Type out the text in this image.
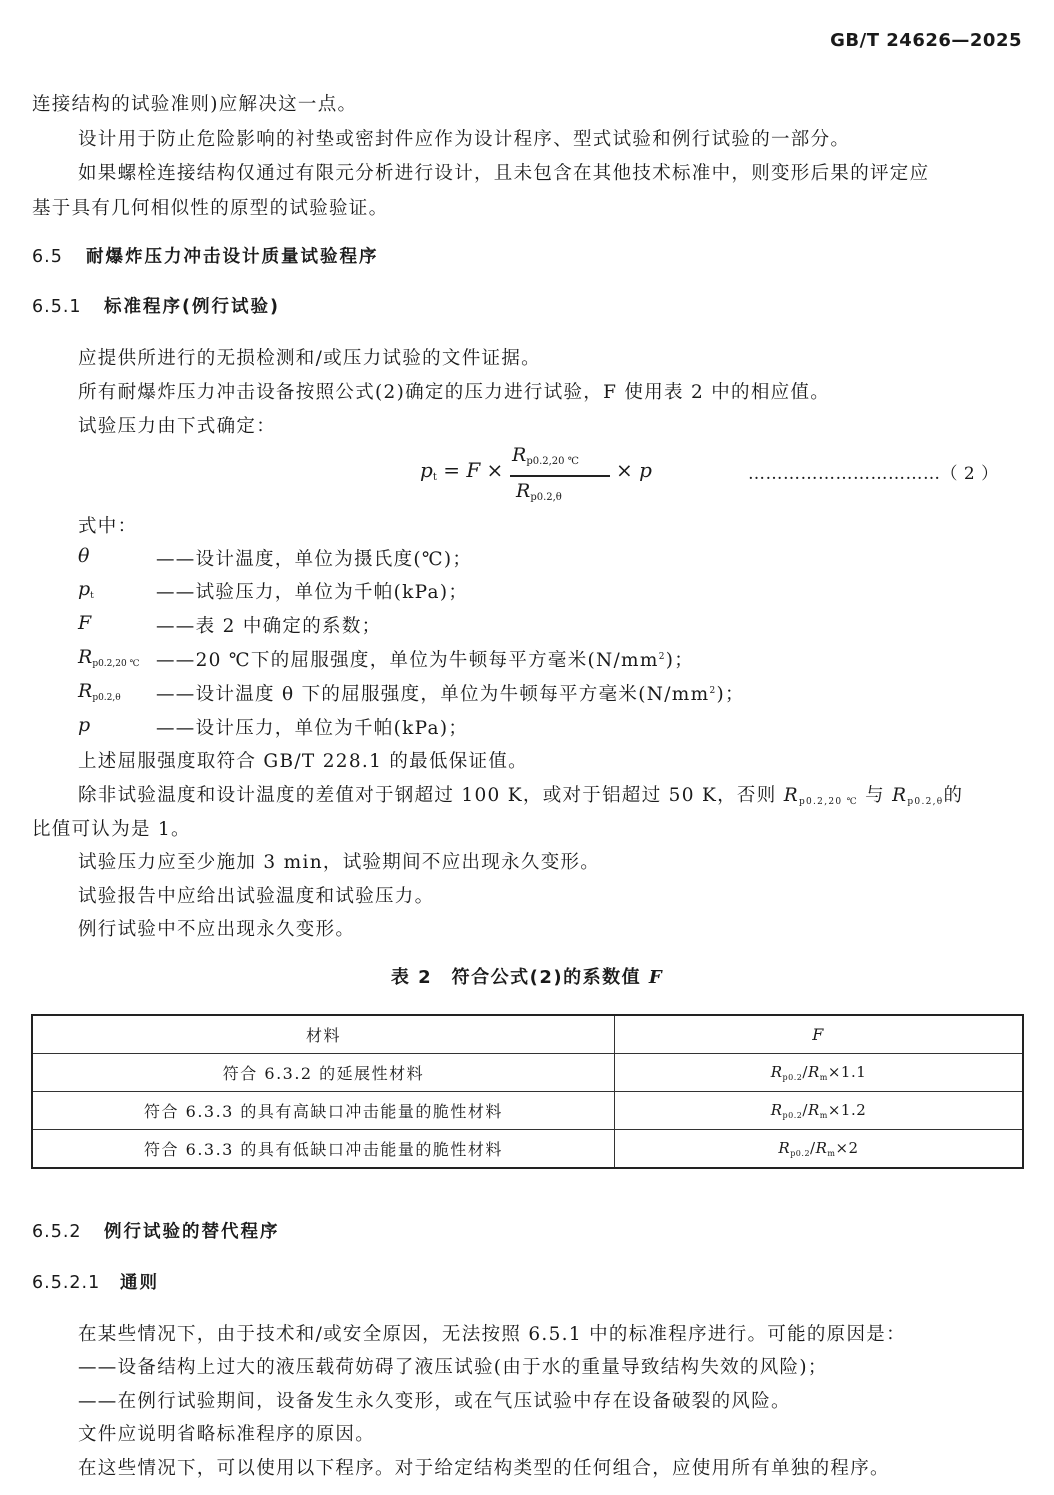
GB/T 24626—2025
连接结构的试验准则)应解决这一点。
设计用于防止危险影响的衬垫或密封件应作为设计程序、型式试验和例行试验的一部分。
如果螺栓连接结构仅通过有限元分析进行设计，且未包含在其他技术标准中，则变形后果的评定应
基于具有几何相似性的原型的试验验证。
6.5 耐爆炸压力冲击设计质量试验程序
6.5.1 标准程序(例行试验)
应提供所进行的无损检测和/或压力试验的文件证据。
所有耐爆炸压力冲击设备按照公式(2)确定的压力进行试验，F 使用表 2 中的相应值。
试验压力由下式确定：
$p_t = F$ ×
$R_{p0.2,20 ℃}$
$R_{p0.2,\theta}$
× p	……………………………（ 2 ）
式中：
θ	——设计温度，单位为摄氏度(℃)；
$p_t$	——试验压力，单位为千帕(kPa)；
F	——表 2 中确定的系数；
$R_{p0.2,20 ℃}$ ——20 ℃下的屈服强度，单位为牛顿每平方毫米$(N/mm^2)$；
$R_{p0.2,\theta}$ ——设计温度 θ 下的屈服强度，单位为牛顿每平方毫米$(N/mm^2)$；
p	——设计压力，单位为千帕(kPa)；
上述屈服强度取符合 GB/T 228.1 的最低保证值。
除非试验温度和设计温度的差值对于钢超过 100 K，或对于铝超过 50 K，否则 $R_{p0.2,20 ℃}$ 与 $R_{p0.2,\theta}$的
比值可认为是 1。
试验压力应至少施加 3 min，试验期间不应出现永久变形。
试验报告中应给出试验温度和试验压力。
例行试验中不应出现永久变形。
表 2　符合公式(2)的系数值 F
材料	F
符合 6.3.2 的延展性材料	$R_{p0.2}/R_m\times 1.1$
符合 6.3.3 的具有高缺口冲击能量的脆性材料	$R_{p0.2}/R_m\times 1.2$
符合 6.3.3 的具有低缺口冲击能量的脆性材料	$R_{p0.2}/R_m\times 2$
6.5.2 例行试验的替代程序
6.5.2.1 通则
在某些情况下，由于技术和/或安全原因，无法按照 6.5.1 中的标准程序进行。可能的原因是：
——设备结构上过大的液压载荷妨碍了液压试验(由于水的重量导致结构失效的风险)；
——在例行试验期间，设备发生永久变形，或在气压试验中存在设备破裂的风险。
文件应说明省略标准程序的原因。
在这些情况下，可以使用以下程序。对于给定结构类型的任何组合，应使用所有单独的程序。
